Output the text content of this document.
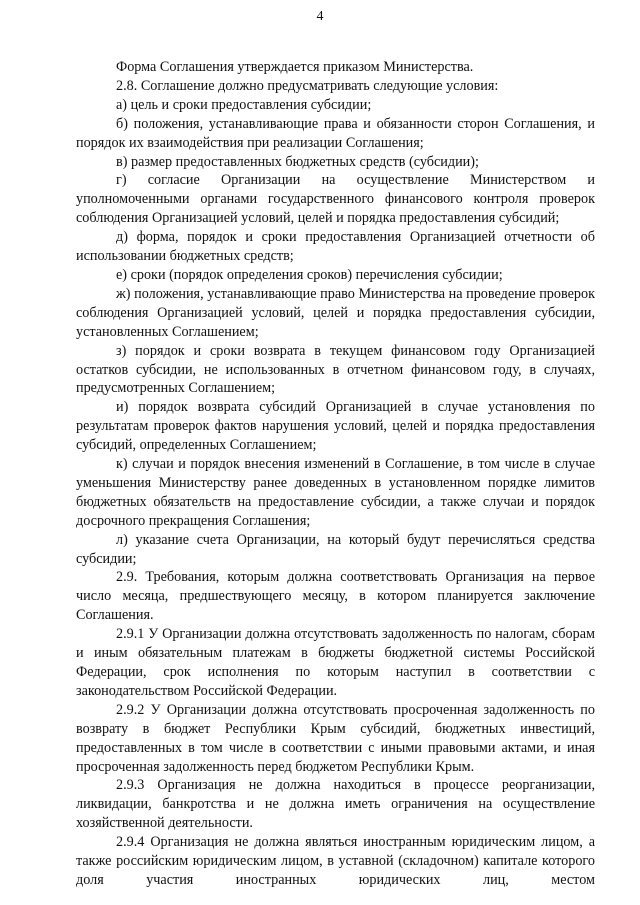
4

Форма Соглашения утверждается приказом Министерства.

2.8. Соглашение должно предусматривать следующие условия:

а) цель и сроки предоставления субсидии;

б) положения, устанавливающие права и обязанности сторон Соглашения, и порядок их взаимодействия при реализации Соглашения;

в) размер предоставленных бюджетных средств (субсидии);

г) согласие Организации на осуществление Министерством и уполномоченными органами государственного финансового контроля проверок соблюдения Организацией условий, целей и порядка предоставления субсидий;

д) форма, порядок и сроки предоставления Организацией отчетности об использовании бюджетных средств;

е) сроки (порядок определения сроков) перечисления субсидии;

ж) положения, устанавливающие право Министерства на проведение проверок соблюдения Организацией условий, целей и порядка предоставления субсидии, установленных Соглашением;

з) порядок и сроки возврата в текущем финансовом году Организацией остатков субсидии, не использованных в отчетном финансовом году, в случаях, предусмотренных Соглашением;

и) порядок возврата субсидий Организацией в случае установления по результатам проверок фактов нарушения условий, целей и порядка предоставления субсидий, определенных Соглашением;

к) случаи и порядок внесения изменений в Соглашение, в том числе в случае уменьшения Министерству ранее доведенных в установленном порядке лимитов бюджетных обязательств на предоставление субсидии, а также случаи и порядок досрочного прекращения Соглашения;

л) указание счета Организации, на который будут перечисляться средства субсидии;

2.9. Требования, которым должна соответствовать Организация на первое число месяца, предшествующего месяцу, в котором планируется заключение Соглашения.

2.9.1 У Организации должна отсутствовать задолженность по налогам, сборам и иным обязательным платежам в бюджеты бюджетной системы Российской Федерации, срок исполнения по которым наступил в соответствии с законодательством Российской Федерации.

2.9.2 У Организации должна отсутствовать просроченная задолженность по возврату в бюджет Республики Крым субсидий, бюджетных инвестиций, предоставленных в том числе в соответствии с иными правовыми актами, и иная просроченная задолженность перед бюджетом Республики Крым.

2.9.3 Организация не должна находиться в процессе реорганизации, ликвидации, банкротства и не должна иметь ограничения на осуществление хозяйственной деятельности.

2.9.4 Организация не должна являться иностранным юридическим лицом, а также российским юридическим лицом, в уставной (складочном) капитале которого доля участия иностранных юридических лиц, местом
